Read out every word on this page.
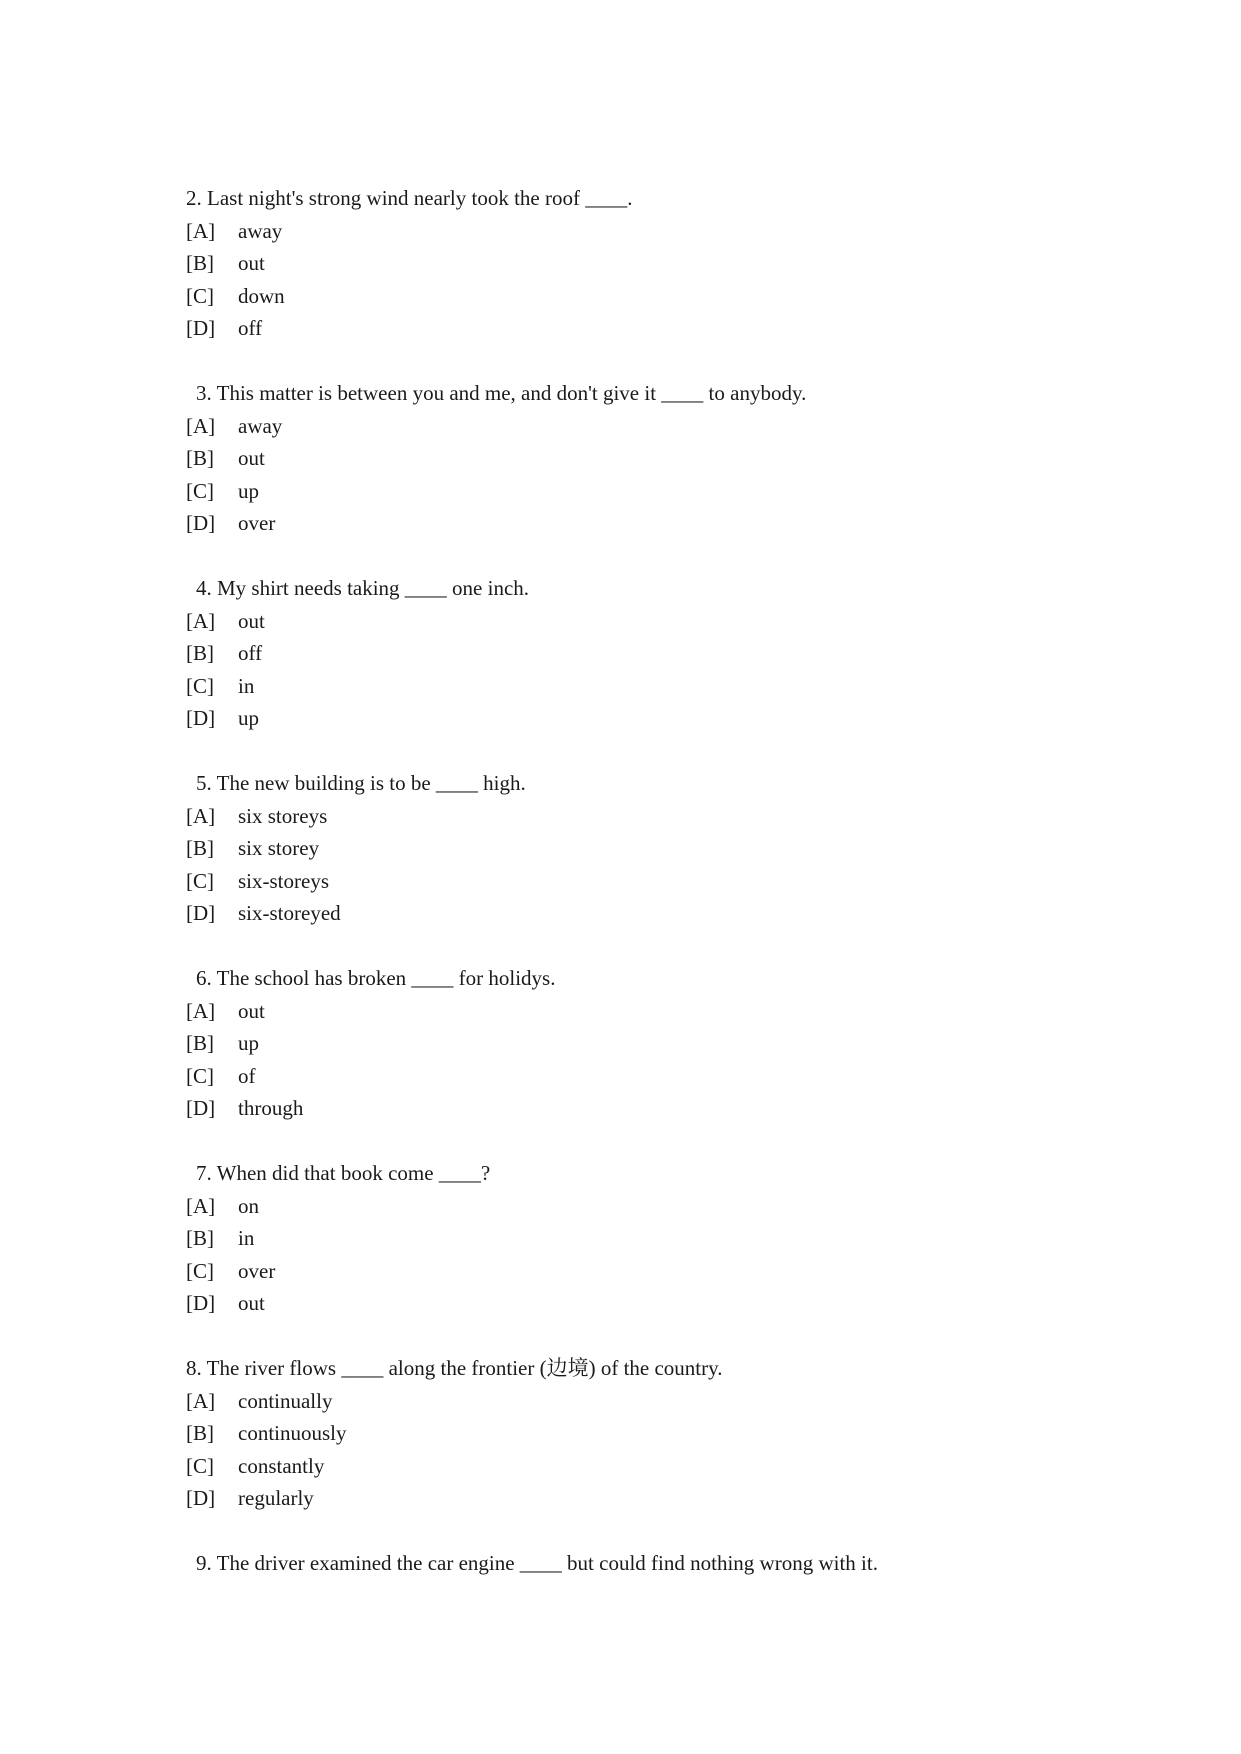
2. Last night's strong wind nearly took the roof ____.
[A]	away
[B]	out
[C]	down
[D]	off
3. This matter is between you and me, and don't give it ____ to anybody.
[A]	away
[B]	out
[C]	up
[D]	over
4. My shirt needs taking ____ one inch.
[A]	out
[B]	off
[C]	in
[D]	up
5. The new building is to be ____ high.
[A]	six storeys
[B]	six storey
[C]	six-storeys
[D]	six-storeyed
6. The school has broken ____ for holidys.
[A]	out
[B]	up
[C]	of
[D]	through
7. When did that book come ____?
[A]	on
[B]	in
[C]	over
[D]	out
8. The river flows ____ along the frontier (边境) of the country.
[A]	continually
[B]	continuously
[C]	constantly
[D]	regularly
9. The driver examined the car engine ____ but could find nothing wrong with it.
